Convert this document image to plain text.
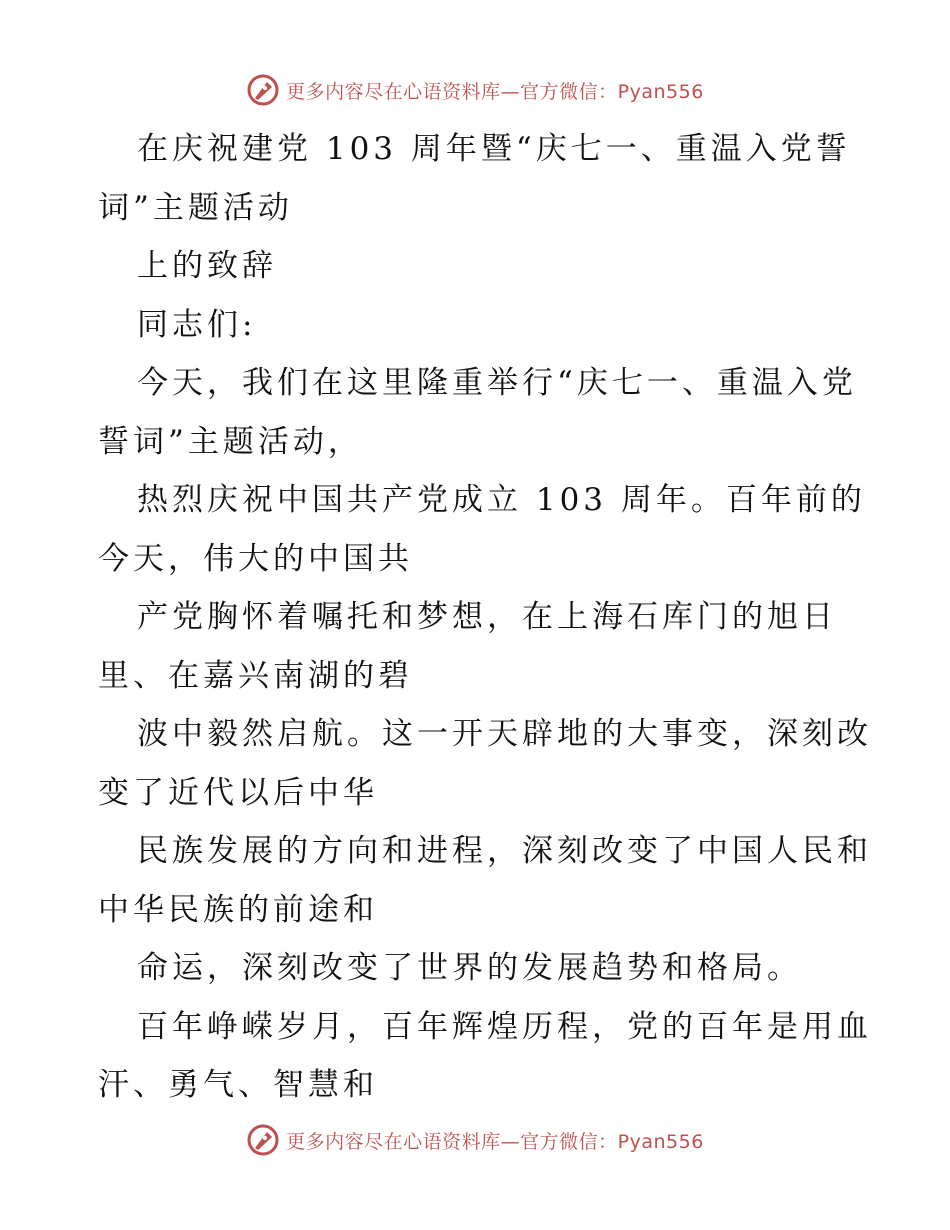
更多内容尽在心语资料库—官方微信：Pyan556

在庆祝建党 103 周年暨“庆七一、重温入党誓
词”主题活动

上的致辞

同志们:

今天，我们在这里隆重举行“庆七一、重温入党
誓词”主题活动，

热烈庆祝中国共产党成立 103 周年。百年前的
今天，伟大的中国共

产党胸怀着嘱托和梦想，在上海石库门的旭日
里、在嘉兴南湖的碧

波中毅然启航。这一开天辟地的大事变，深刻改
变了近代以后中华

民族发展的方向和进程，深刻改变了中国人民和
中华民族的前途和

命运，深刻改变了世界的发展趋势和格局。

百年峥嵘岁月，百年辉煌历程，党的百年是用血
汗、勇气、智慧和

更多内容尽在心语资料库—官方微信：Pyan556
